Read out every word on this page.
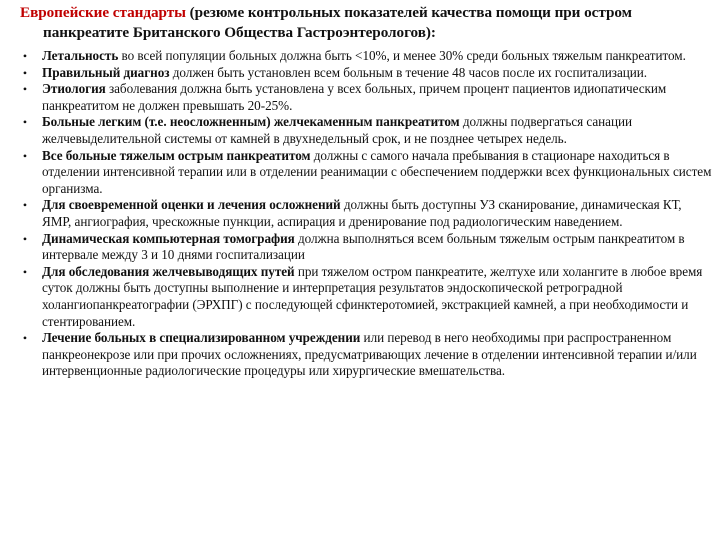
Европейские стандарты (резюме контрольных показателей качества помощи при остром панкреатите Британского Общества Гастроэнтерологов):

• Летальность во всей популяции больных должна быть <10%, и менее 30% среди больных тяжелым панкреатитом.
• Правильный диагноз должен быть установлен всем больным в течение 48 часов после их госпитализации.
• Этиология заболевания должна быть установлена у всех больных, причем процент пациентов идиопатическим панкреатитом не должен превышать 20-25%.
• Больные легким (т.е. неосложненным) желчекаменным панкреатитом должны подвергаться санации желчевыделительной системы от камней в двухнедельный срок, и не позднее четырех недель.
• Все больные тяжелым острым панкреатитом должны с самого начала пребывания в стационаре находиться в отделении интенсивной терапии или в отделении реанимации с обеспечением поддержки всех функциональных систем организма.
• Для своевременной оценки и лечения осложнений должны быть доступны УЗ сканирование, динамическая КТ, ЯМР, ангиография, чрескожные пункции, аспирация и дренирование под радиологическим наведением.
• Динамическая компьютерная томография должна выполняться всем больным тяжелым острым панкреатитом в интервале между 3 и 10 днями госпитализации
• Для обследования желчевыводящих путей при тяжелом остром панкреатите, желтухе или холангите в любое время суток должны быть доступны выполнение и интерпретация результатов эндоскопической ретроградной холангиопанкреатографии (ЭРХПГ) с последующей сфинктеротомией, экстракцией камней, а при необходимости и стентированием.
• Лечение больных в специализированном учреждении или перевод в него необходимы при распространенном панкреонекрозе или при прочих осложнениях, предусматривающих лечение в отделении интенсивной терапии и/или интервенционные радиологические процедуры или хирургические вмешательства.
